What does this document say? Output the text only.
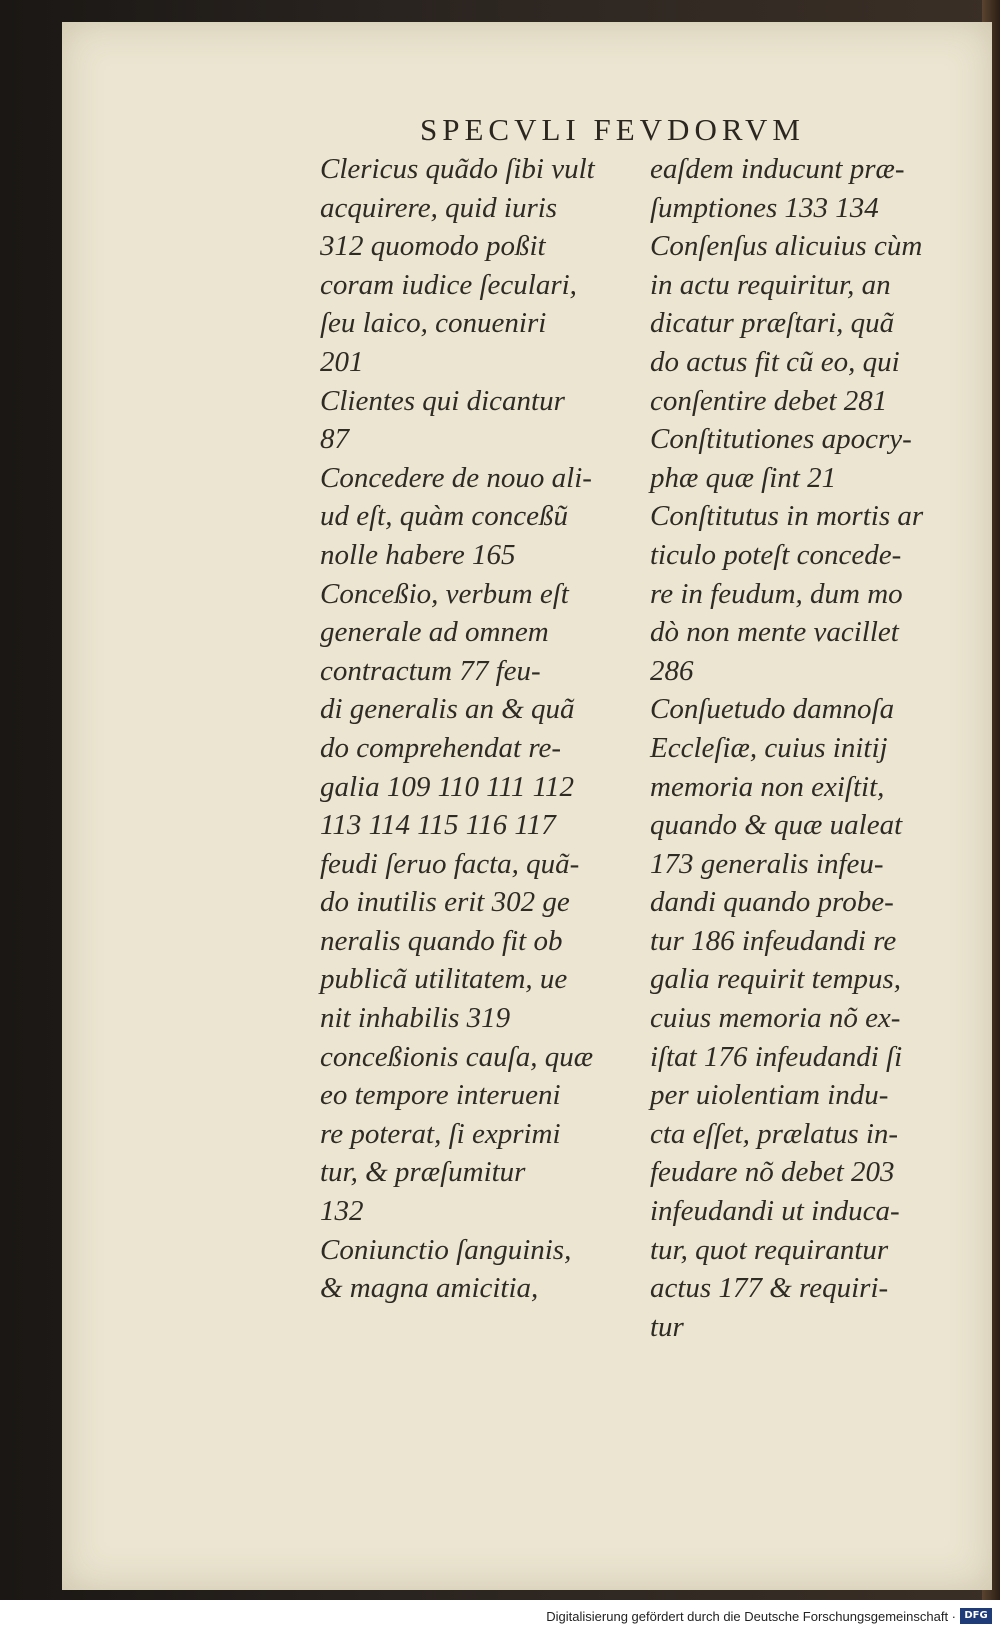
SPECVLI FEVDORVM

Clericus quãdo ſibi vult
acquirere, quid iuris
312 quomodo poßit
coram iudice ſeculari,
ſeu laico, conueniri
201

Clientes qui dicantur
87

Concedere de nouo ali-
ud eſt, quàm conceßũ
nolle habere 165

Conceßio, verbum eſt
generale ad omnem
contractum 77 feu-
di generalis an & quã
do comprehendat re-
galia 109 110 111 112
113 114 115 116 117
feudi ſeruo facta, quã-
do inutilis erit 302 ge
neralis quando fit ob
publicã utilitatem, ue
nit inhabilis 319

conceßionis cauſa, quæ
eo tempore interueni
re poterat, ſi exprimi
tur, & præſumitur
132

Coniunctio ſanguinis,
& magna amicitia,

eaſdem inducunt præ-
ſumptiones 133 134

Conſenſus alicuius cùm
in actu requiritur, an
dicatur præſtari, quã
do actus fit cũ eo, qui
conſentire debet 281

Conſtitutiones apocry-
phæ quæ ſint 21

Conſtitutus in mortis ar
ticulo poteſt concede-
re in feudum, dum mo
dò non mente vacillet
286

Conſuetudo damnoſa
Eccleſiæ, cuius initij
memoria non exiſtit,
quando & quæ ualeat
173 generalis infeu-
dandi quando probe-
tur 186 infeudandi re
galia requirit tempus,
cuius memoria nõ ex-
iſtat 176 infeudandi ſi
per uiolentiam indu-
cta eſſet, prælatus in-
feudare nõ debet 203
infeudandi ut induca-
tur, quot requirantur
actus 177 & requiri-
tur

Digitalisierung gefördert durch die Deutsche Forschungsgemeinschaft · DFG
